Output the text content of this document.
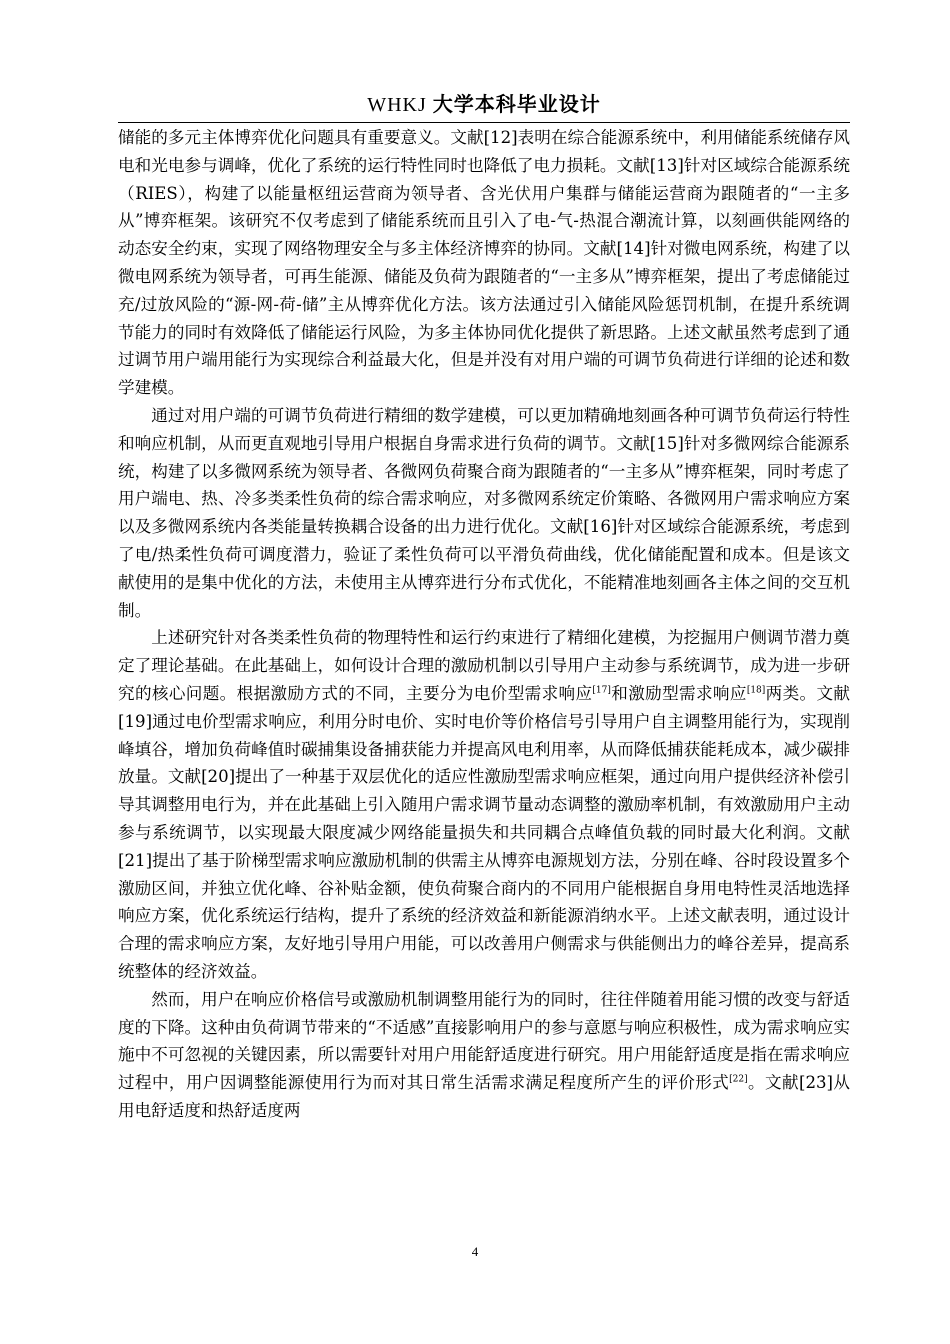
WHKJ 大学本科毕业设计

储能的多元主体博弈优化问题具有重要意义。文献[12]表明在综合能源系统中，利用储能系统储存风电和光电参与调峰，优化了系统的运行特性同时也降低了电力损耗。文献[13]针对区域综合能源系统（RIES），构建了以能量枢纽运营商为领导者、含光伏用户集群与储能运营商为跟随者的“一主多从”博弈框架。该研究不仅考虑到了储能系统而且引入了电-气-热混合潮流计算，以刻画供能网络的动态安全约束，实现了网络物理安全与多主体经济博弈的协同。文献[14]针对微电网系统，构建了以微电网系统为领导者，可再生能源、储能及负荷为跟随者的“一主多从”博弈框架，提出了考虑储能过充/过放风险的“源-网-荷-储”主从博弈优化方法。该方法通过引入储能风险惩罚机制，在提升系统调节能力的同时有效降低了储能运行风险，为多主体协同优化提供了新思路。上述文献虽然考虑到了通过调节用户端用能行为实现综合利益最大化，但是并没有对用户端的可调节负荷进行详细的论述和数学建模。

通过对用户端的可调节负荷进行精细的数学建模，可以更加精确地刻画各种可调节负荷运行特性和响应机制，从而更直观地引导用户根据自身需求进行负荷的调节。文献[15]针对多微网综合能源系统，构建了以多微网系统为领导者、各微网负荷聚合商为跟随者的“一主多从”博弈框架，同时考虑了用户端电、热、冷多类柔性负荷的综合需求响应，对多微网系统定价策略、各微网用户需求响应方案以及多微网系统内各类能量转换耦合设备的出力进行优化。文献[16]针对区域综合能源系统，考虑到了电/热柔性负荷可调度潜力，验证了柔性负荷可以平滑负荷曲线，优化储能配置和成本。但是该文献使用的是集中优化的方法，未使用主从博弈进行分布式优化，不能精准地刻画各主体之间的交互机制。

上述研究针对各类柔性负荷的物理特性和运行约束进行了精细化建模，为挖掘用户侧调节潜力奠定了理论基础。在此基础上，如何设计合理的激励机制以引导用户主动参与系统调节，成为进一步研究的核心问题。根据激励方式的不同，主要分为电价型需求响应[17]和激励型需求响应[18]两类。文献[19]通过电价型需求响应，利用分时电价、实时电价等价格信号引导用户自主调整用能行为，实现削峰填谷，增加负荷峰值时碳捕集设备捕获能力并提高风电利用率，从而降低捕获能耗成本，减少碳排放量。文献[20]提出了一种基于双层优化的适应性激励型需求响应框架，通过向用户提供经济补偿引导其调整用电行为，并在此基础上引入随用户需求调节量动态调整的激励率机制，有效激励用户主动参与系统调节，以实现最大限度减少网络能量损失和共同耦合点峰值负载的同时最大化利润。文献[21]提出了基于阶梯型需求响应激励机制的供需主从博弈电源规划方法，分别在峰、谷时段设置多个激励区间，并独立优化峰、谷补贴金额，使负荷聚合商内的不同用户能根据自身用电特性灵活地选择响应方案，优化系统运行结构，提升了系统的经济效益和新能源消纳水平。上述文献表明，通过设计合理的需求响应方案，友好地引导用户用能，可以改善用户侧需求与供能侧出力的峰谷差异，提高系统整体的经济效益。

然而，用户在响应价格信号或激励机制调整用能行为的同时，往往伴随着用能习惯的改变与舒适度的下降。这种由负荷调节带来的“不适感”直接影响用户的参与意愿与响应积极性，成为需求响应实施中不可忽视的关键因素，所以需要针对用户用能舒适度进行研究。用户用能舒适度是指在需求响应过程中，用户因调整能源使用行为而对其日常生活需求满足程度所产生的评价形式[22]。文献[23]从用电舒适度和热舒适度两

4
